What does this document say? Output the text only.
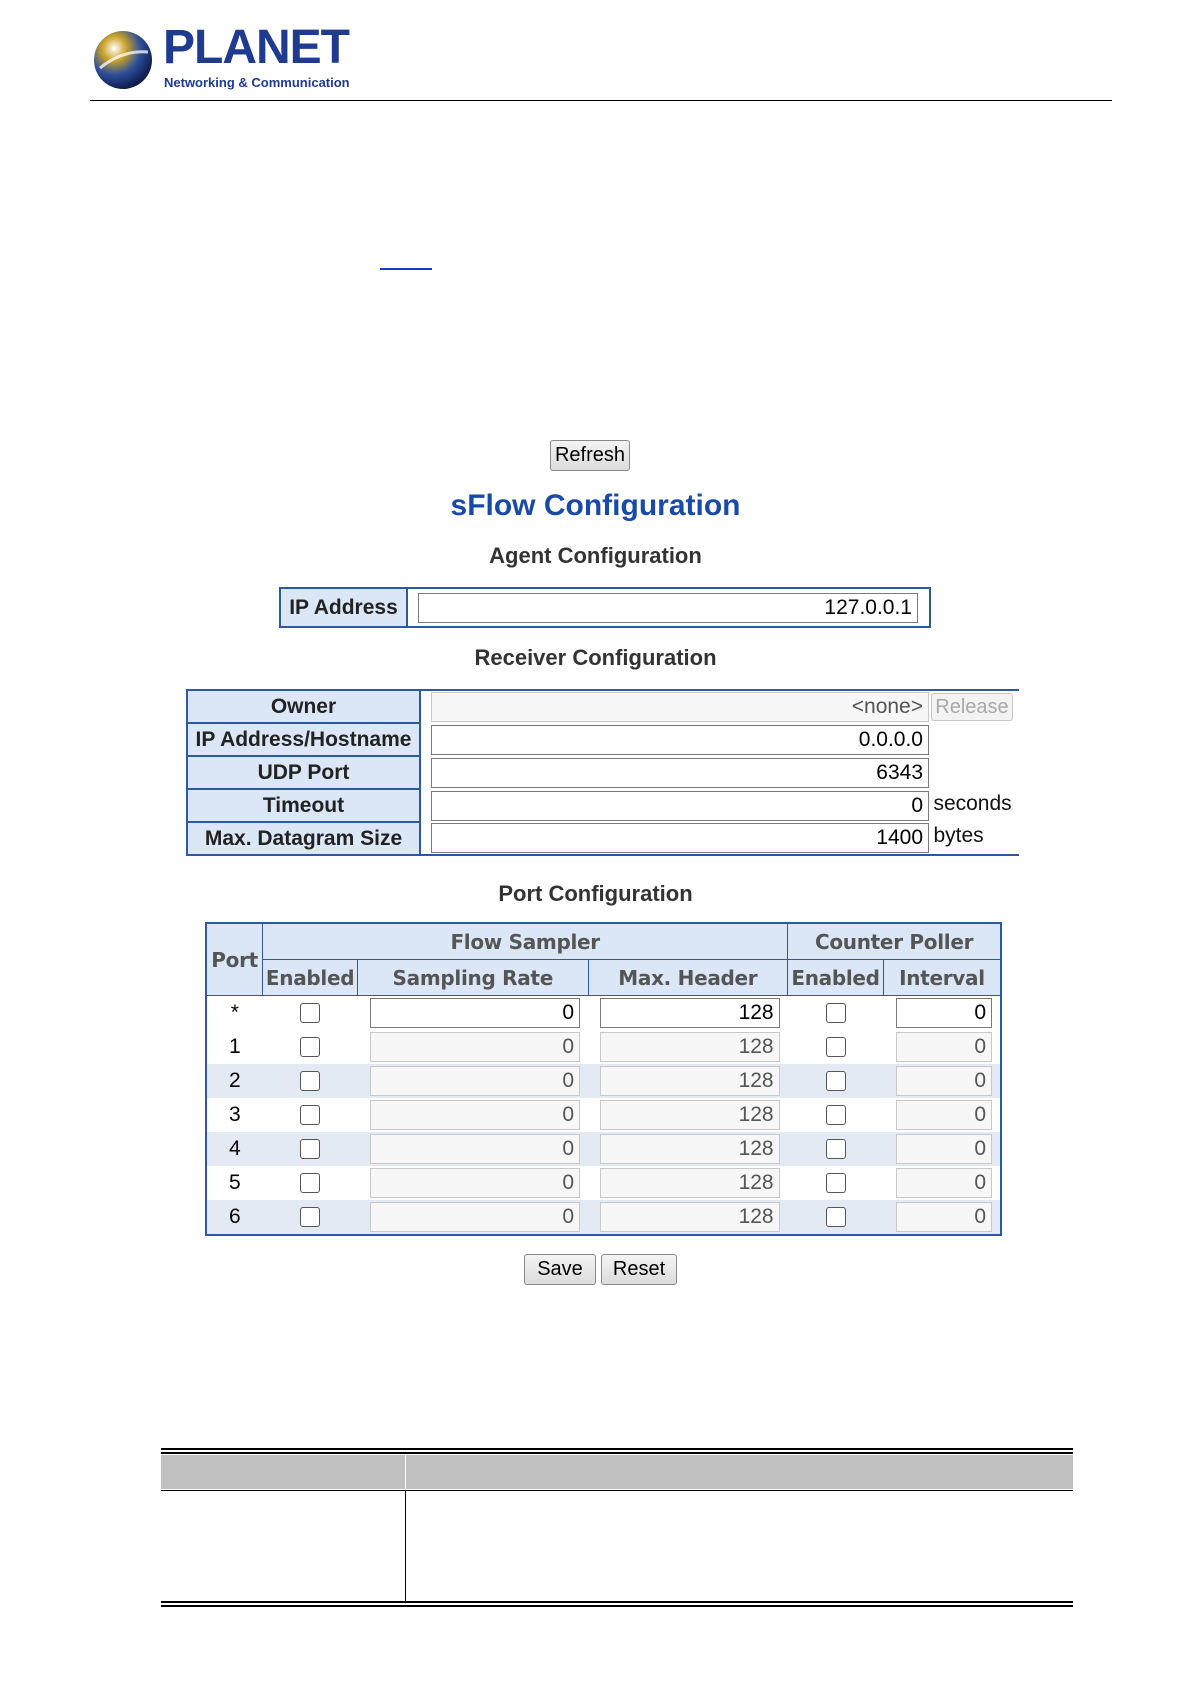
PLANET
Networking & Communication
Refresh
sFlow Configuration
Agent Configuration
IP Address	127.0.0.1
Receiver Configuration
Owner	<none> Release
IP Address/Hostname	0.0.0.0

UDP Port	6343

Timeout	0 seconds
Max. Datagram Size	1400 bytes
Port Configuration
Port	Flow Sampler			Counter Poller	
	Enabled	Sampling Rate	Max. Header	Enabled	Interval
*		0	128		0
1		0	128		0
2		0	128		0
3		0	128		0
4		0	128		0
5		0	128		0
6		0	128		0
Save	Reset
